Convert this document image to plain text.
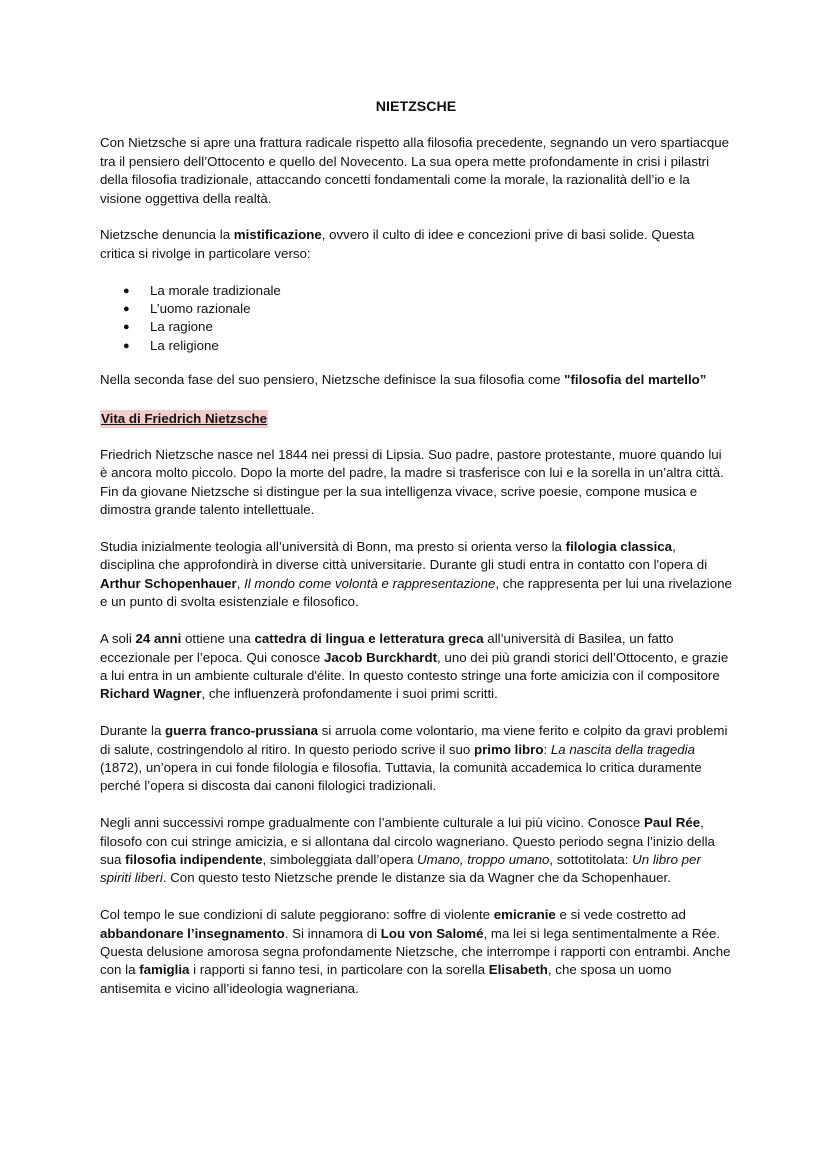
NIETZSCHE

Con Nietzsche si apre una frattura radicale rispetto alla filosofia precedente, segnando un vero spartiacque tra il pensiero dell’Ottocento e quello del Novecento. La sua opera mette profondamente in crisi i pilastri della filosofia tradizionale, attaccando concetti fondamentali come la morale, la razionalità dell’io e la visione oggettiva della realtà.

Nietzsche denuncia la mistificazione, ovvero il culto di idee e concezioni prive di basi solide. Questa critica si rivolge in particolare verso:

● La morale tradizionale
● L’uomo razionale
● La ragione
● La religione

Nella seconda fase del suo pensiero, Nietzsche definisce la sua filosofia come "filosofia del martello”

Vita di Friedrich Nietzsche

Friedrich Nietzsche nasce nel 1844 nei pressi di Lipsia. Suo padre, pastore protestante, muore quando lui è ancora molto piccolo. Dopo la morte del padre, la madre si trasferisce con lui e la sorella in un’altra città. Fin da giovane Nietzsche si distingue per la sua intelligenza vivace, scrive poesie, compone musica e dimostra grande talento intellettuale.

Studia inizialmente teologia all’università di Bonn, ma presto si orienta verso la filologia classica, disciplina che approfondirà in diverse città universitarie. Durante gli studi entra in contatto con l'opera di Arthur Schopenhauer, Il mondo come volontà e rappresentazione, che rappresenta per lui una rivelazione e un punto di svolta esistenziale e filosofico.

A soli 24 anni ottiene una cattedra di lingua e letteratura greca all’università di Basilea, un fatto eccezionale per l’epoca. Qui conosce Jacob Burckhardt, uno dei più grandi storici dell’Ottocento, e grazie a lui entra in un ambiente culturale d'élite. In questo contesto stringe una forte amicizia con il compositore Richard Wagner, che influenzerà profondamente i suoi primi scritti.

Durante la guerra franco-prussiana si arruola come volontario, ma viene ferito e colpito da gravi problemi di salute, costringendolo al ritiro. In questo periodo scrive il suo primo libro: La nascita della tragedia (1872), un’opera in cui fonde filologia e filosofia. Tuttavia, la comunità accademica lo critica duramente perché l’opera si discosta dai canoni filologici tradizionali.

Negli anni successivi rompe gradualmente con l’ambiente culturale a lui più vicino. Conosce Paul Rée, filosofo con cui stringe amicizia, e si allontana dal circolo wagneriano. Questo periodo segna l’inizio della sua filosofia indipendente, simboleggiata dall’opera Umano, troppo umano, sottotitolata: Un libro per spiriti liberi. Con questo testo Nietzsche prende le distanze sia da Wagner che da Schopenhauer.

Col tempo le sue condizioni di salute peggiorano: soffre di violente emicranie e si vede costretto ad abbandonare l’insegnamento. Si innamora di Lou von Salomé, ma lei si lega sentimentalmente a Rée. Questa delusione amorosa segna profondamente Nietzsche, che interrompe i rapporti con entrambi. Anche con la famiglia i rapporti si fanno tesi, in particolare con la sorella Elisabeth, che sposa un uomo antisemita e vicino all’ideologia wagneriana.
